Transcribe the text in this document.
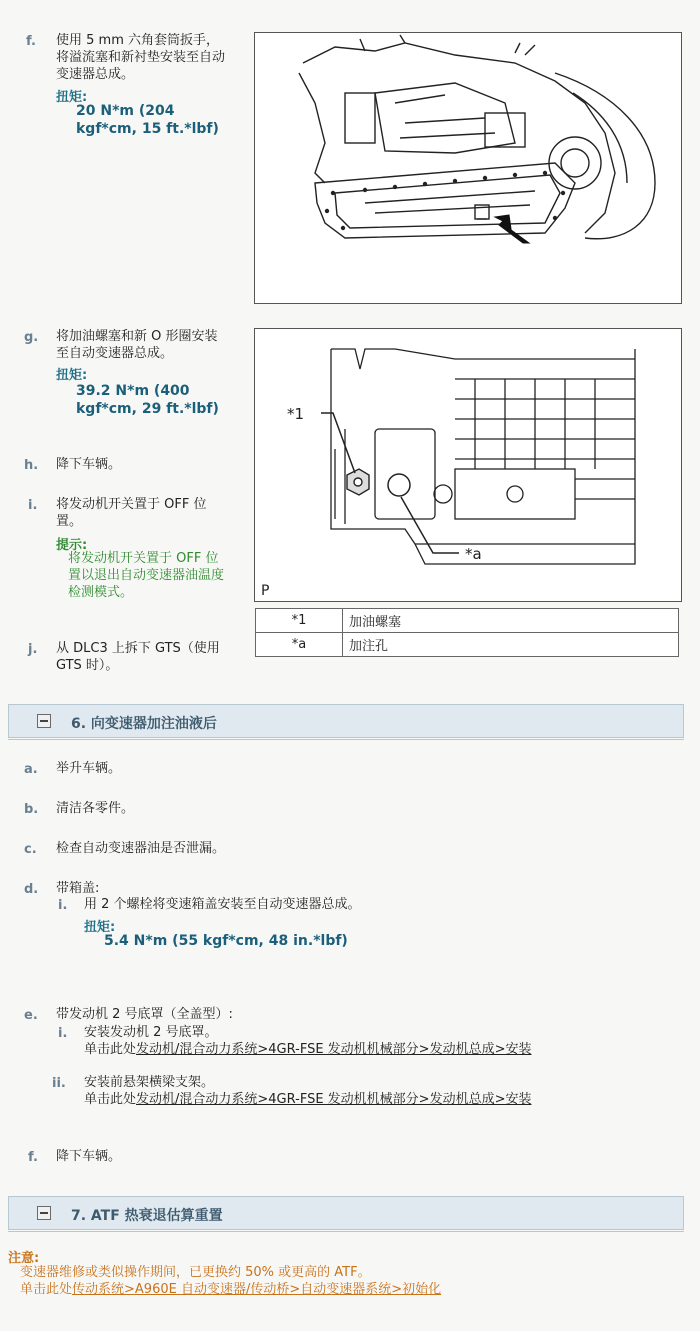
f. 使用 5 mm 六角套筒扳手，
将溢流塞和新衬垫安装至自动
变速器总成。
扭矩:
20 N*m (204
kgf*cm, 15 ft.*lbf)
g. 将加油螺塞和新 O 形圈安装
至自动变速器总成。
扭矩:
39.2 N*m (400
kgf*cm, 29 ft.*lbf)	*1
*a
P
*1	加油螺塞
*a	加注孔
h. 降下车辆。
i. 将发动机开关置于 OFF 位
置。
提示:
将发动机开关置于 OFF 位
置以退出自动变速器油温度
检测模式。
j. 从 DLC3 上拆下 GTS（使用
GTS 时）。
6. 向变速器加注油液后
a. 举升车辆。
b. 清洁各零件。
c. 检查自动变速器油是否泄漏。
d. 带箱盖:
i. 用 2 个螺栓将变速箱盖安装至自动变速器总成。
扭矩:
5.4 N*m (55 kgf*cm, 48 in.*lbf)
e. 带发动机 2 号底罩（全盖型）:
i. 安装发动机 2 号底罩。
单击此处发动机/混合动力系统>4GR-FSE 发动机机械部分>发动机总成>安装
ii. 安装前悬架横梁支架。
单击此处发动机/混合动力系统>4GR-FSE 发动机机械部分>发动机总成>安装
f. 降下车辆。
7. ATF 热衰退估算重置
注意:
变速器维修或类似操作期间，已更换约 50% 或更高的 ATF。
单击此处传动系统>A960E 自动变速器/传动桥>自动变速器系统>初始化
